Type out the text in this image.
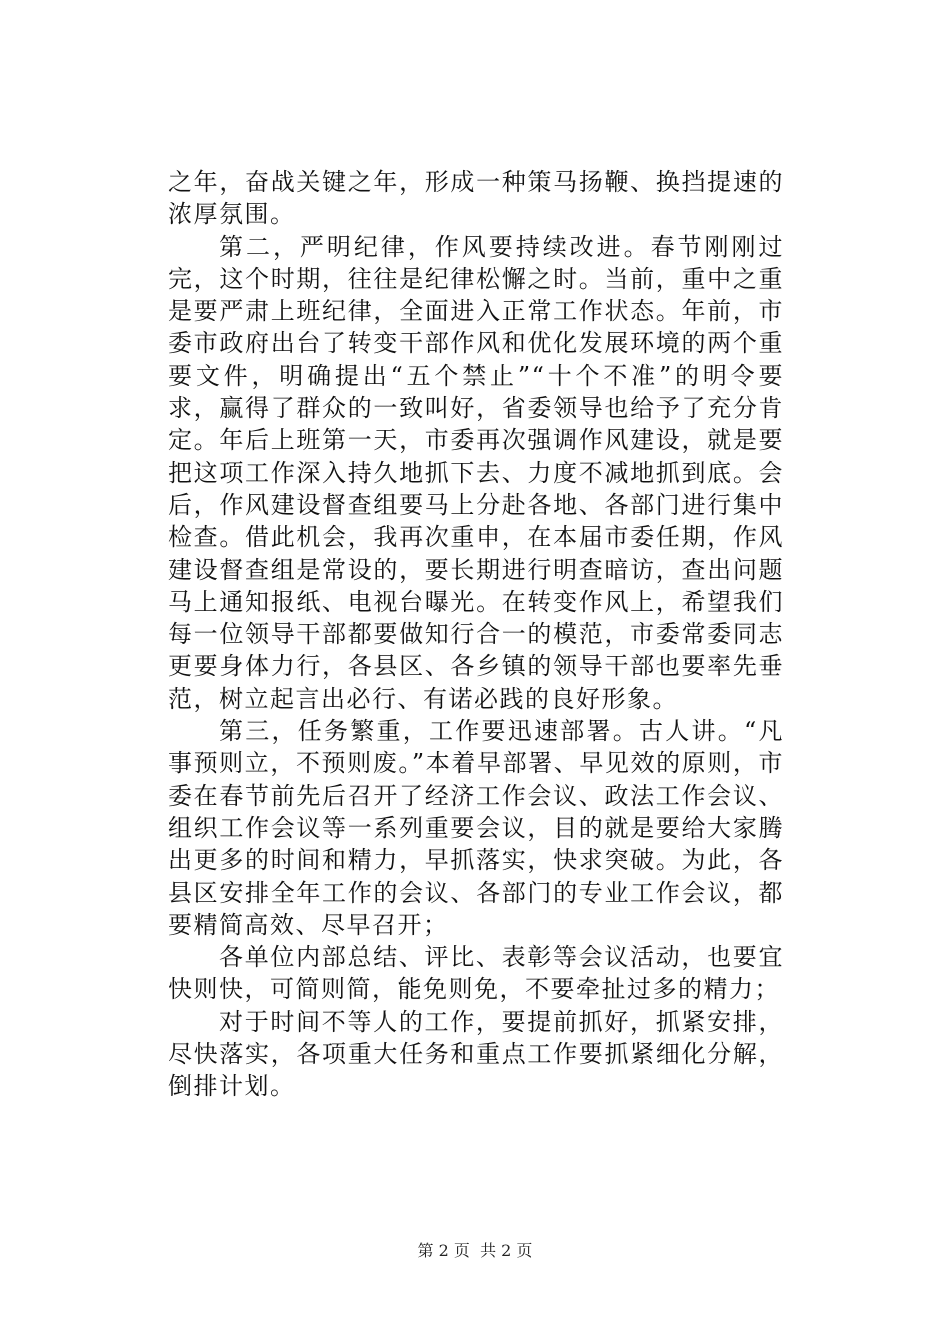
之年，奋战关键之年，形成一种策马扬鞭、换挡提速的浓厚氛围。

第二，严明纪律，作风要持续改进。春节刚刚过完，这个时期，往往是纪律松懈之时。当前，重中之重是要严肃上班纪律，全面进入正常工作状态。年前，市委市政府出台了转变干部作风和优化发展环境的两个重要文件，明确提出“五个禁止”“十个不准”的明令要求，赢得了群众的一致叫好，省委领导也给予了充分肯定。年后上班第一天，市委再次强调作风建设，就是要把这项工作深入持久地抓下去、力度不减地抓到底。会后，作风建设督查组要马上分赴各地、各部门进行集中检查。借此机会，我再次重申，在本届市委任期，作风建设督查组是常设的，要长期进行明查暗访，查出问题马上通知报纸、电视台曝光。在转变作风上，希望我们每一位领导干部都要做知行合一的模范，市委常委同志更要身体力行，各县区、各乡镇的领导干部也要率先垂范，树立起言出必行、有诺必践的良好形象。

第三，任务繁重，工作要迅速部署。古人讲。“凡事预则立，不预则废。”本着早部署、早见效的原则，市委在春节前先后召开了经济工作会议、政法工作会议、组织工作会议等一系列重要会议，目的就是要给大家腾出更多的时间和精力，早抓落实，快求突破。为此，各县区安排全年工作的会议、各部门的专业工作会议，都要精简高效、尽早召开；

各单位内部总结、评比、表彰等会议活动，也要宜快则快，可简则简，能免则免，不要牵扯过多的精力；

对于时间不等人的工作，要提前抓好，抓紧安排，尽快落实，各项重大任务和重点工作要抓紧细化分解，倒排计划。

第 2 页 共 2 页
